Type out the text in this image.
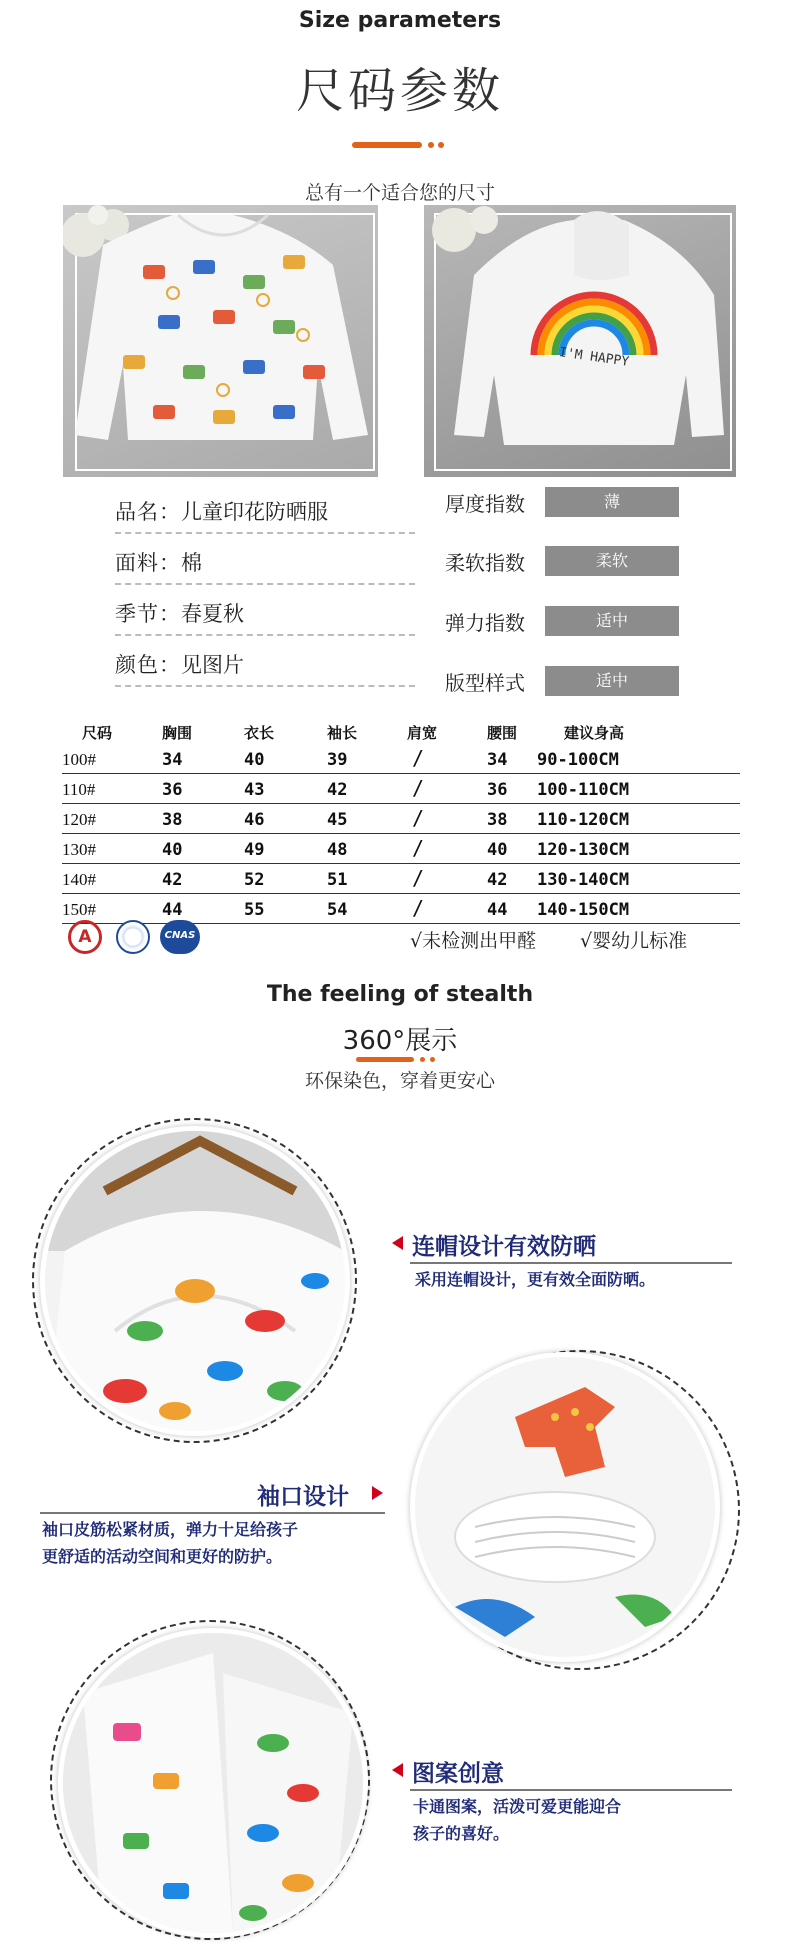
Size parameters
尺码参数
总有一个适合您的尺寸
I'M HAPPY
品名：儿童印花防晒服
面料：棉
季节：春夏秋
颜色：见图片
厚度指数	薄
柔软指数	柔软
弹力指数	适中
版型样式	适中
尺码	胸围	衣长	袖长	肩宽	腰围	建议身高
100#	34	40	39	/	34 90-100CM
110#	36	43	42	/	36 100-110CM
120#	38	46	45	/	38 110-120CM
130#	40	49	48	/	40 120-130CM
140#	42	52	51	/	42 130-140CM
150#	44	55	54	/	44 140-150CM
A	CNAS	√未检测出甲醛 √婴幼儿标准
The feeling of stealth
360°展示
环保染色，穿着更安心
连帽设计有效防晒
采用连帽设计，更有效全面防晒。
袖口设计
袖口皮筋松紧材质，弹力十足给孩子
更舒适的活动空间和更好的防护。
图案创意
卡通图案，活泼可爱更能迎合
孩子的喜好。
